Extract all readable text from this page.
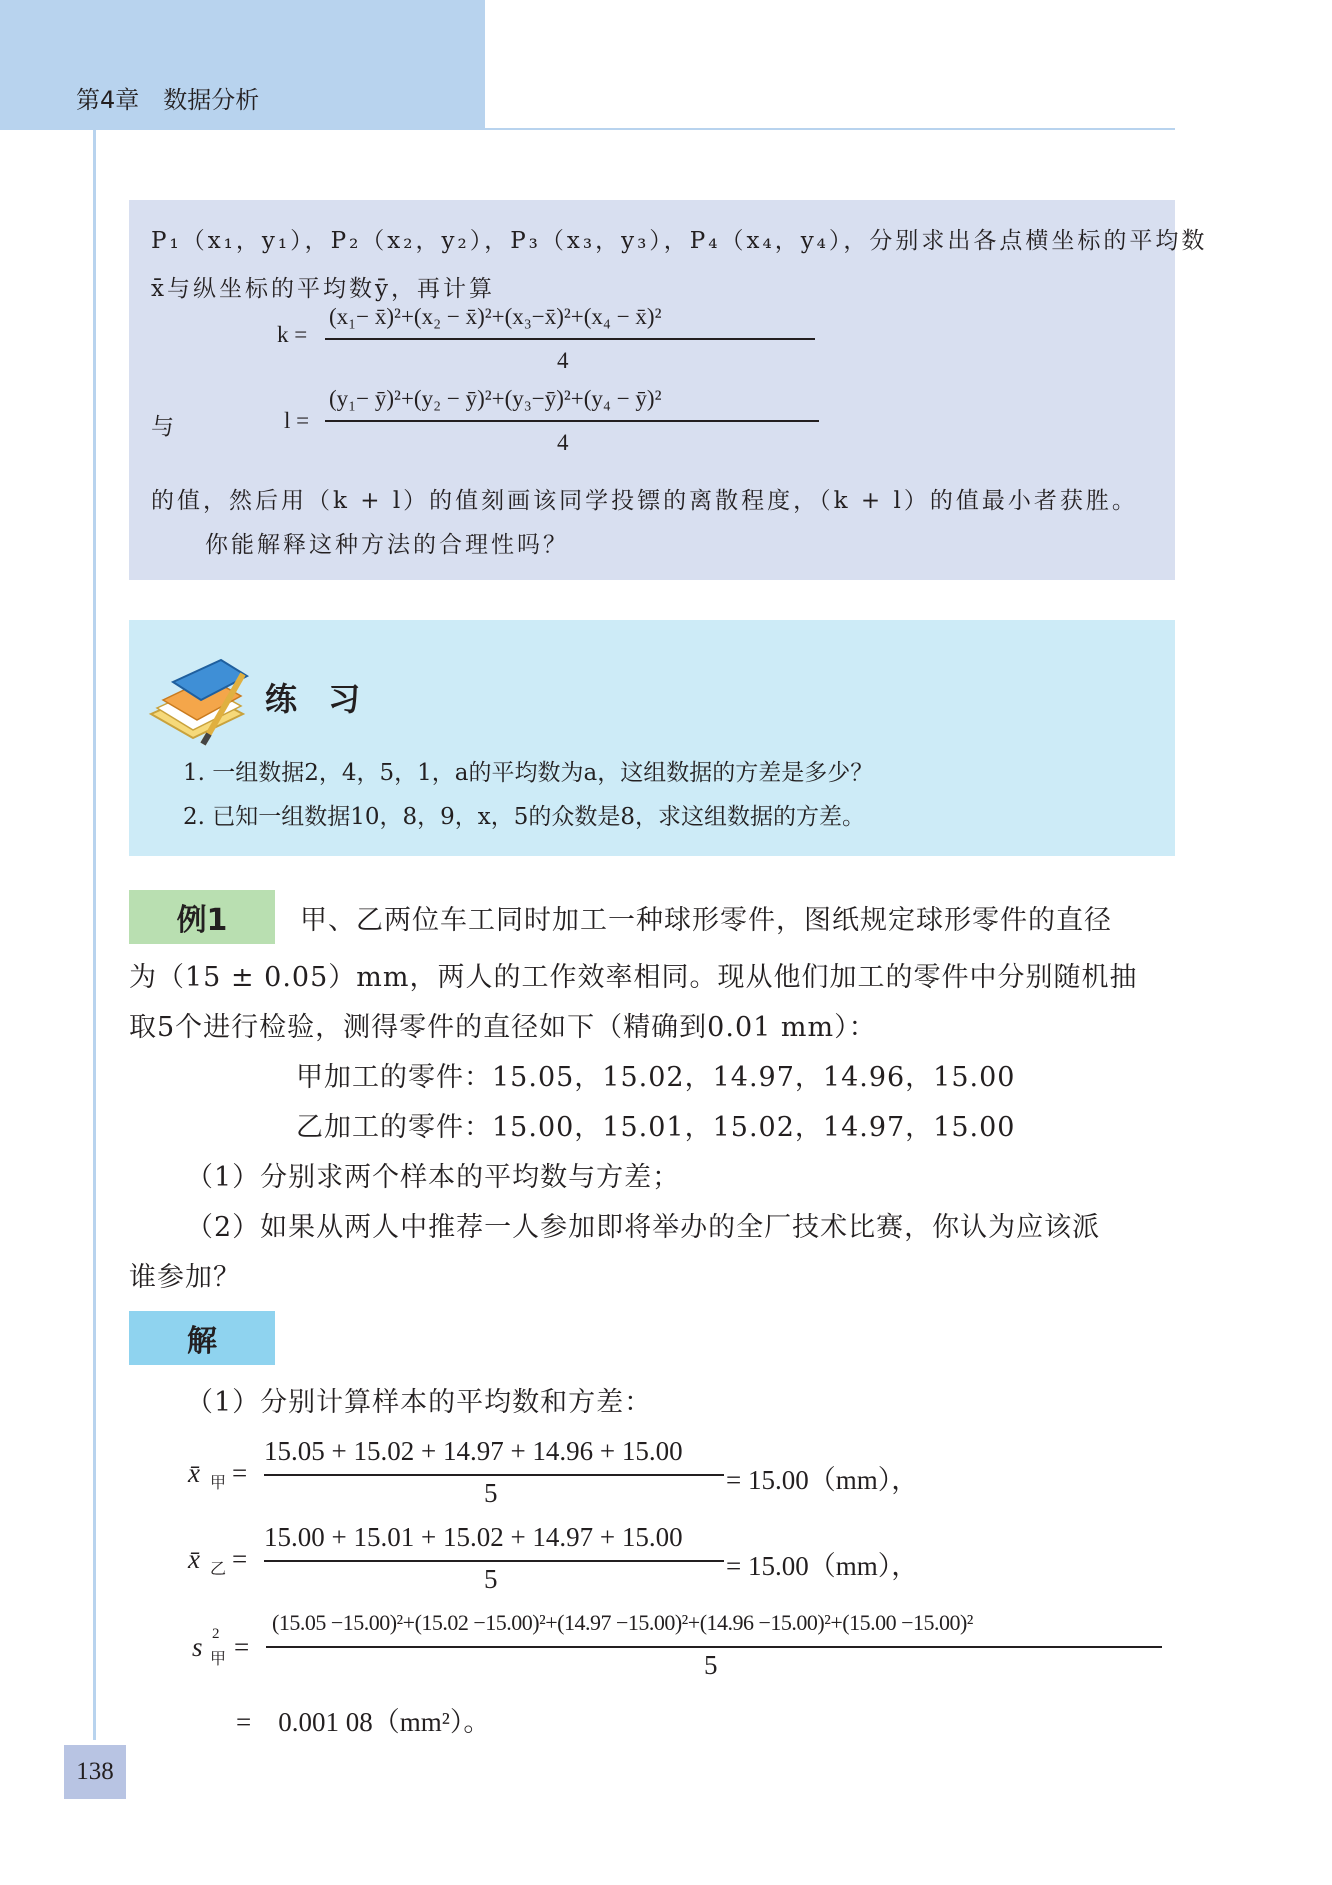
第4章　数据分析
P₁（x₁，y₁），P₂（x₂，y₂），P₃（x₃，y₃），P₄（x₄，y₄），分别求出各点横坐标的平均数
x̄与纵坐标的平均数ȳ，再计算
k =
(x₁− x̄)²+(x₂ − x̄)²+(x₃−x̄)²+(x₄ − x̄)²
4
与	l =
(y₁− ȳ)²+(y₂ − ȳ)²+(y₃−ȳ)²+(y₄ − ȳ)²
4
的值，然后用（k + l）的值刻画该同学投镖的离散程度，（k + l）的值最小者获胜。
你能解释这种方法的合理性吗？
练 习
1. 一组数据2，4，5，1，a的平均数为a，这组数据的方差是多少？
2. 已知一组数据10，8，9，x，5的众数是8，求这组数据的方差。
例1	甲、乙两位车工同时加工一种球形零件，图纸规定球形零件的直径
为（15 ± 0.05）mm，两人的工作效率相同。现从他们加工的零件中分别随机抽
取5个进行检验，测得零件的直径如下（精确到0.01 mm）：
甲加工的零件：15.05，15.02，14.97，14.96，15.00
乙加工的零件：15.00，15.01，15.02，14.97，15.00
（1）分别求两个样本的平均数与方差；
（2）如果从两人中推荐一人参加即将举办的全厂技术比赛，你认为应该派
谁参加？
解
（1）分别计算样本的平均数和方差：
x̄ 甲 =
15.05 + 15.02 + 14.97 + 14.96 + 15.00
5	= 15.00（mm），
x̄ 乙 =
15.00 + 15.01 + 15.02 + 14.97 + 15.00
5	= 15.00（mm），
s 2
甲 =
(15.05 −15.00)²+(15.02 −15.00)²+(14.97 −15.00)²+(14.96 −15.00)²+(15.00 −15.00)²
5
=　0.001 08（mm²）。
138
